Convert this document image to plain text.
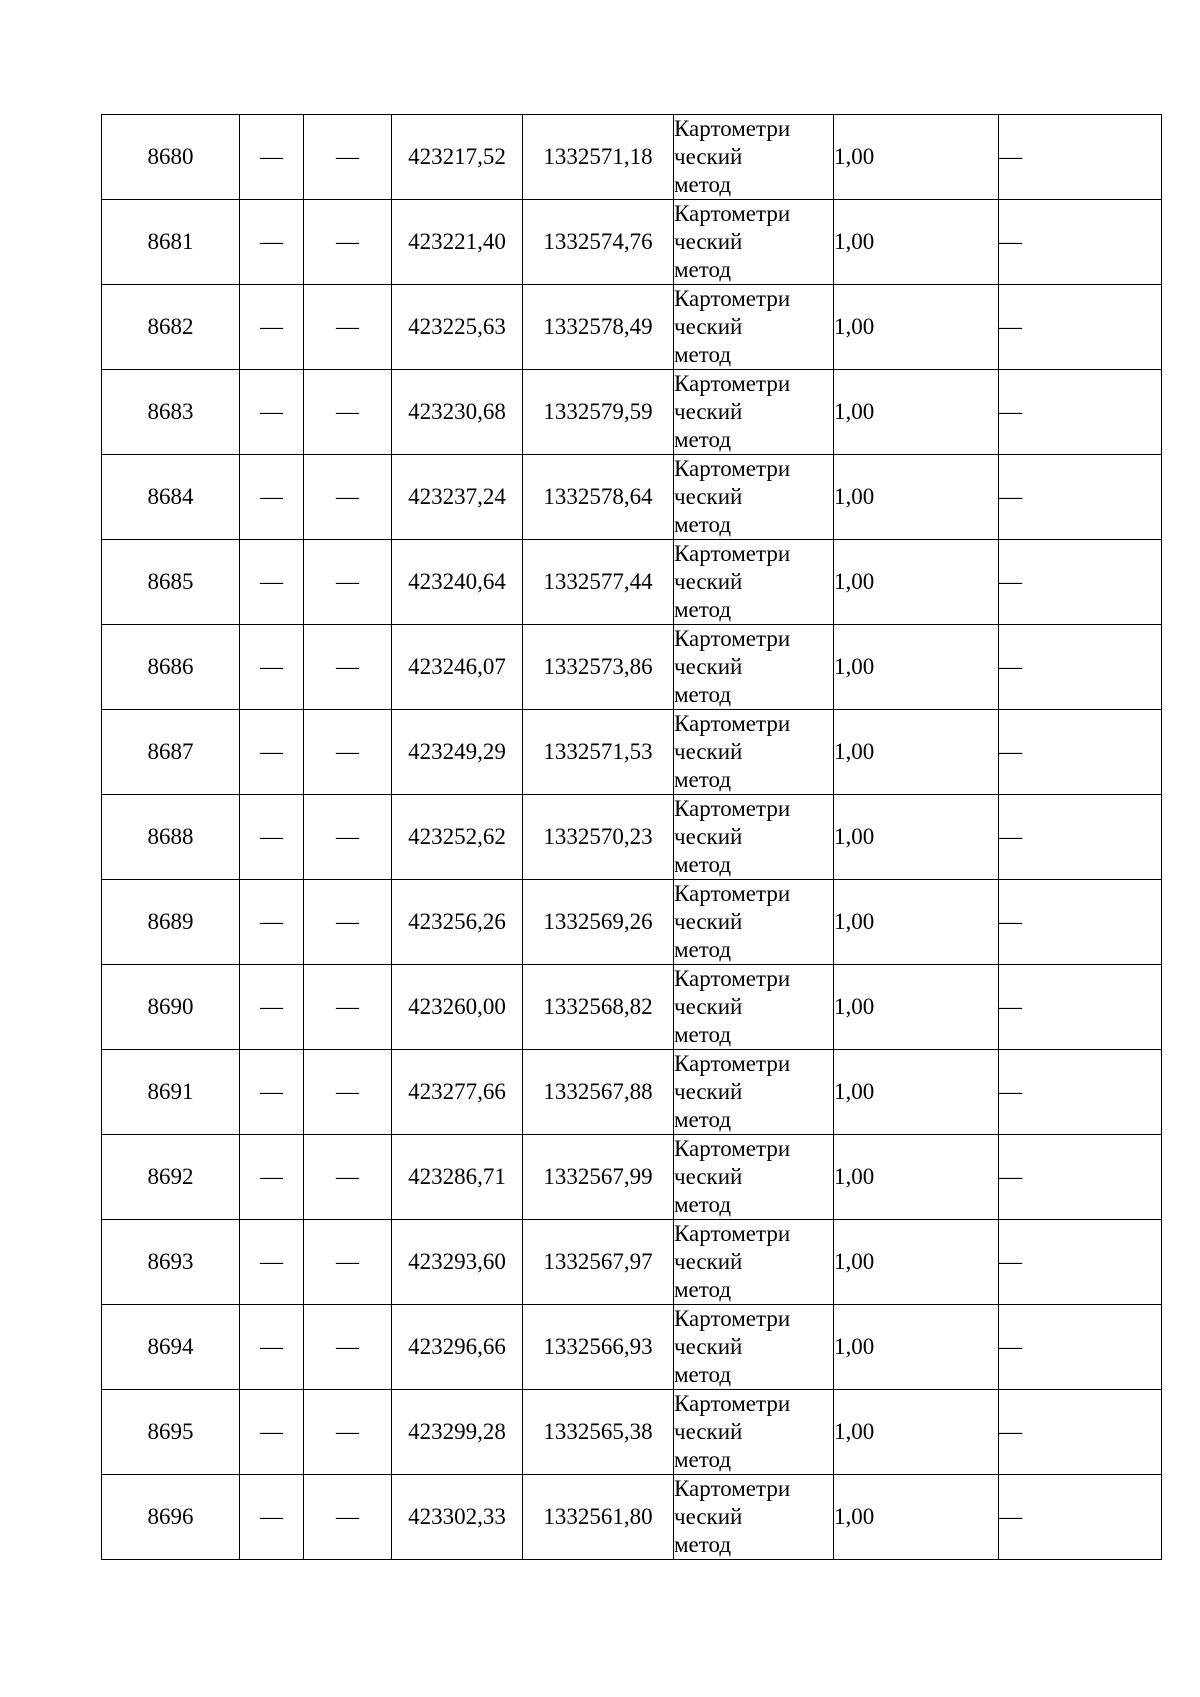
8680	—	—	423217,52	1332571,18	Картометри
ческий
метод	1,00	—
8681	—	—	423221,40	1332574,76	Картометри
ческий
метод	1,00	—
8682	—	—	423225,63	1332578,49	Картометри
ческий
метод	1,00	—
8683	—	—	423230,68	1332579,59	Картометри
ческий
метод	1,00	—
8684	—	—	423237,24	1332578,64	Картометри
ческий
метод	1,00	—
8685	—	—	423240,64	1332577,44	Картометри
ческий
метод	1,00	—
8686	—	—	423246,07	1332573,86	Картометри
ческий
метод	1,00	—
8687	—	—	423249,29	1332571,53	Картометри
ческий
метод	1,00	—
8688	—	—	423252,62	1332570,23	Картометри
ческий
метод	1,00	—
8689	—	—	423256,26	1332569,26	Картометри
ческий
метод	1,00	—
8690	—	—	423260,00	1332568,82	Картометри
ческий
метод	1,00	—
8691	—	—	423277,66	1332567,88	Картометри
ческий
метод	1,00	—
8692	—	—	423286,71	1332567,99	Картометри
ческий
метод	1,00	—
8693	—	—	423293,60	1332567,97	Картометри
ческий
метод	1,00	—
8694	—	—	423296,66	1332566,93	Картометри
ческий
метод	1,00	—
8695	—	—	423299,28	1332565,38	Картометри
ческий
метод	1,00	—
8696	—	—	423302,33	1332561,80	Картометри
ческий
метод	1,00	—
